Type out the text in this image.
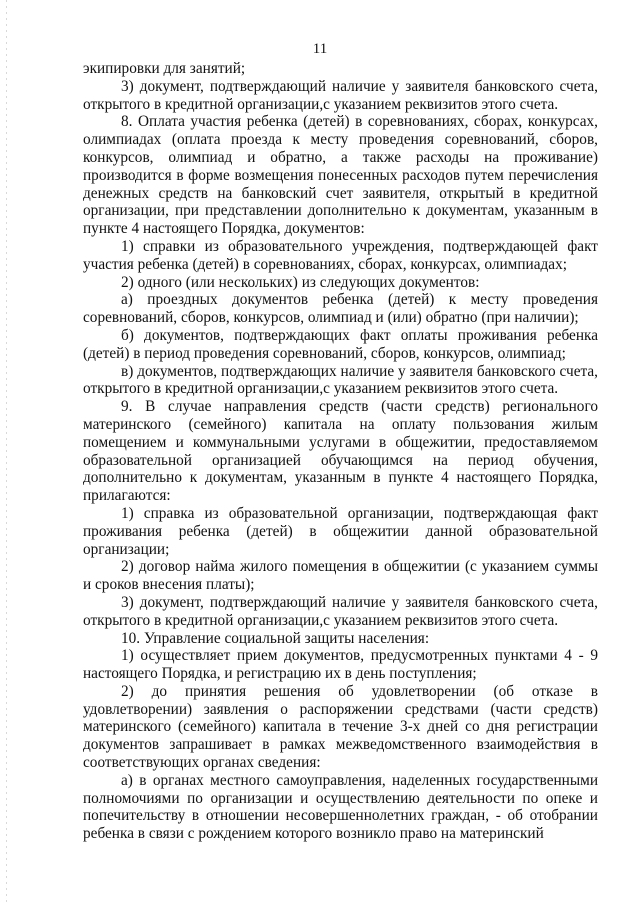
11

экипировки для занятий;

3) документ, подтверждающий наличие у заявителя банковского счета, открытого в кредитной организации,с указанием реквизитов этого счета.

8. Оплата участия ребенка (детей) в соревнованиях, сборах, конкурсах, олимпиадах (оплата проезда к месту проведения соревнований, сборов, конкурсов, олимпиад и обратно, а также расходы на проживание) производится в форме возмещения понесенных расходов путем перечисления денежных средств на банковский счет заявителя, открытый в кредитной организации, при представлении дополнительно к документам, указанным в пункте 4 настоящего Порядка, документов:

1) справки из образовательного учреждения, подтверждающей факт участия ребенка (детей) в соревнованиях, сборах, конкурсах, олимпиадах;

2) одного (или нескольких) из следующих документов:

а) проездных документов ребенка (детей) к месту проведения соревнований, сборов, конкурсов, олимпиад и (или) обратно (при наличии);

б) документов, подтверждающих факт оплаты проживания ребенка (детей) в период проведения соревнований, сборов, конкурсов, олимпиад;

в) документов, подтверждающих наличие у заявителя банковского счета, открытого в кредитной организации,с указанием реквизитов этого счета.

9. В случае направления средств (части средств) регионального материнского (семейного) капитала на оплату пользования жилым помещением и коммунальными услугами в общежитии, предоставляемом образовательной организацией обучающимся на период обучения, дополнительно к документам, указанным в пункте 4 настоящего Порядка, прилагаются:

1) справка из образовательной организации, подтверждающая факт проживания ребенка (детей) в общежитии данной образовательной организации;

2) договор найма жилого помещения в общежитии (с указанием суммы и сроков внесения платы);

3) документ, подтверждающий наличие у заявителя банковского счета, открытого в кредитной организации,с указанием реквизитов этого счета.

10. Управление социальной защиты населения:

1) осуществляет прием документов, предусмотренных пунктами 4 - 9 настоящего Порядка, и регистрацию их в день поступления;

2) до принятия решения об удовлетворении (об отказе в удовлетворении) заявления о распоряжении средствами (части средств) материнского (семейного) капитала в течение 3-х дней со дня регистрации документов запрашивает в рамках межведомственного взаимодействия в соответствующих органах сведения:

а) в органах местного самоуправления, наделенных государственными полномочиями по организации и осуществлению деятельности по опеке и попечительству в отношении несовершеннолетних граждан, - об отобрании ребенка в связи с рождением которого возникло право на материнский
